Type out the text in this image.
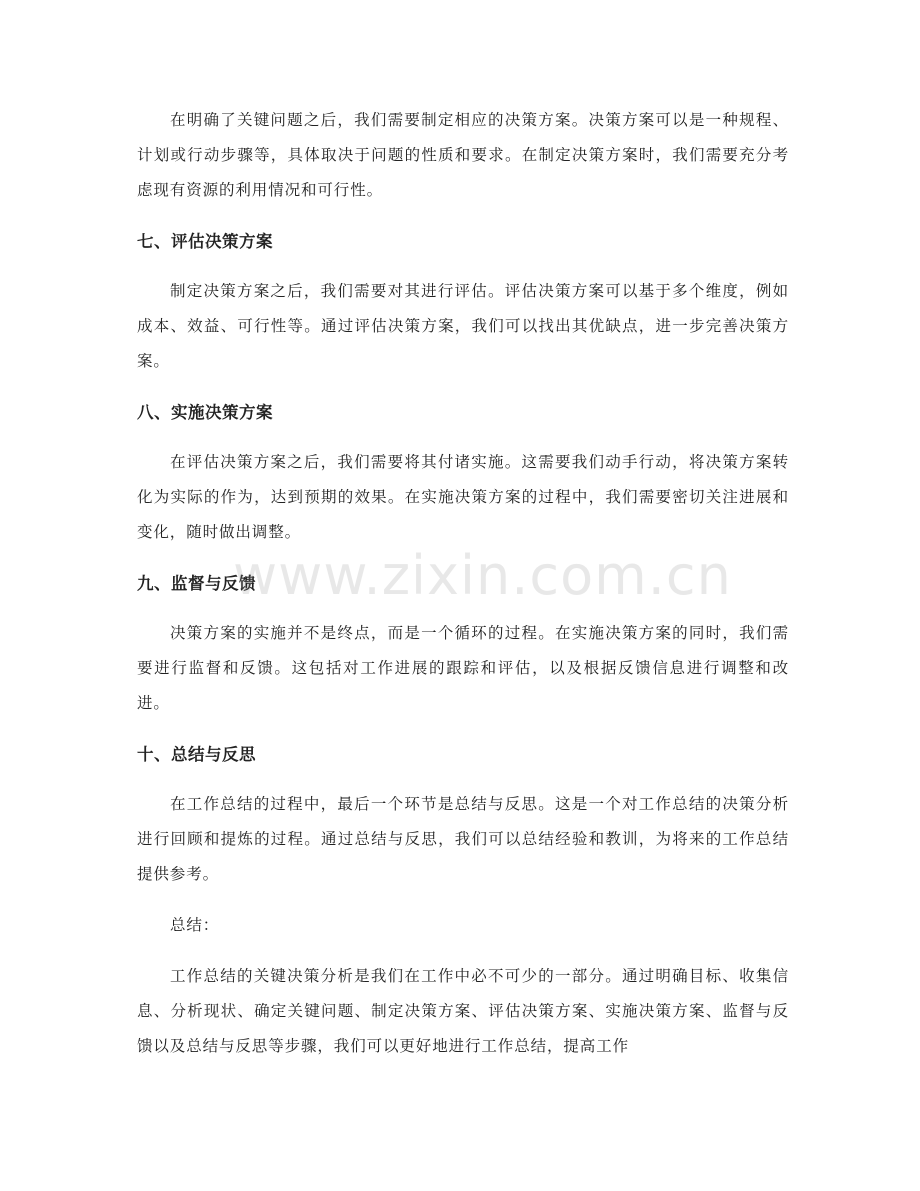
在明确了关键问题之后，我们需要制定相应的决策方案。决策方案可以是一种规程、计划或行动步骤等，具体取决于问题的性质和要求。在制定决策方案时，我们需要充分考虑现有资源的利用情况和可行性。

七、评估决策方案

制定决策方案之后，我们需要对其进行评估。评估决策方案可以基于多个维度，例如成本、效益、可行性等。通过评估决策方案，我们可以找出其优缺点，进一步完善决策方案。

八、实施决策方案

在评估决策方案之后，我们需要将其付诸实施。这需要我们动手行动，将决策方案转化为实际的作为，达到预期的效果。在实施决策方案的过程中，我们需要密切关注进展和变化，随时做出调整。

九、监督与反馈

决策方案的实施并不是终点，而是一个循环的过程。在实施决策方案的同时，我们需要进行监督和反馈。这包括对工作进展的跟踪和评估，以及根据反馈信息进行调整和改进。

十、总结与反思

在工作总结的过程中，最后一个环节是总结与反思。这是一个对工作总结的决策分析进行回顾和提炼的过程。通过总结与反思，我们可以总结经验和教训，为将来的工作总结提供参考。

总结：

工作总结的关键决策分析是我们在工作中必不可少的一部分。通过明确目标、收集信息、分析现状、确定关键问题、制定决策方案、评估决策方案、实施决策方案、监督与反馈以及总结与反思等步骤，我们可以更好地进行工作总结，提高工作

www.zixin.com.cn
